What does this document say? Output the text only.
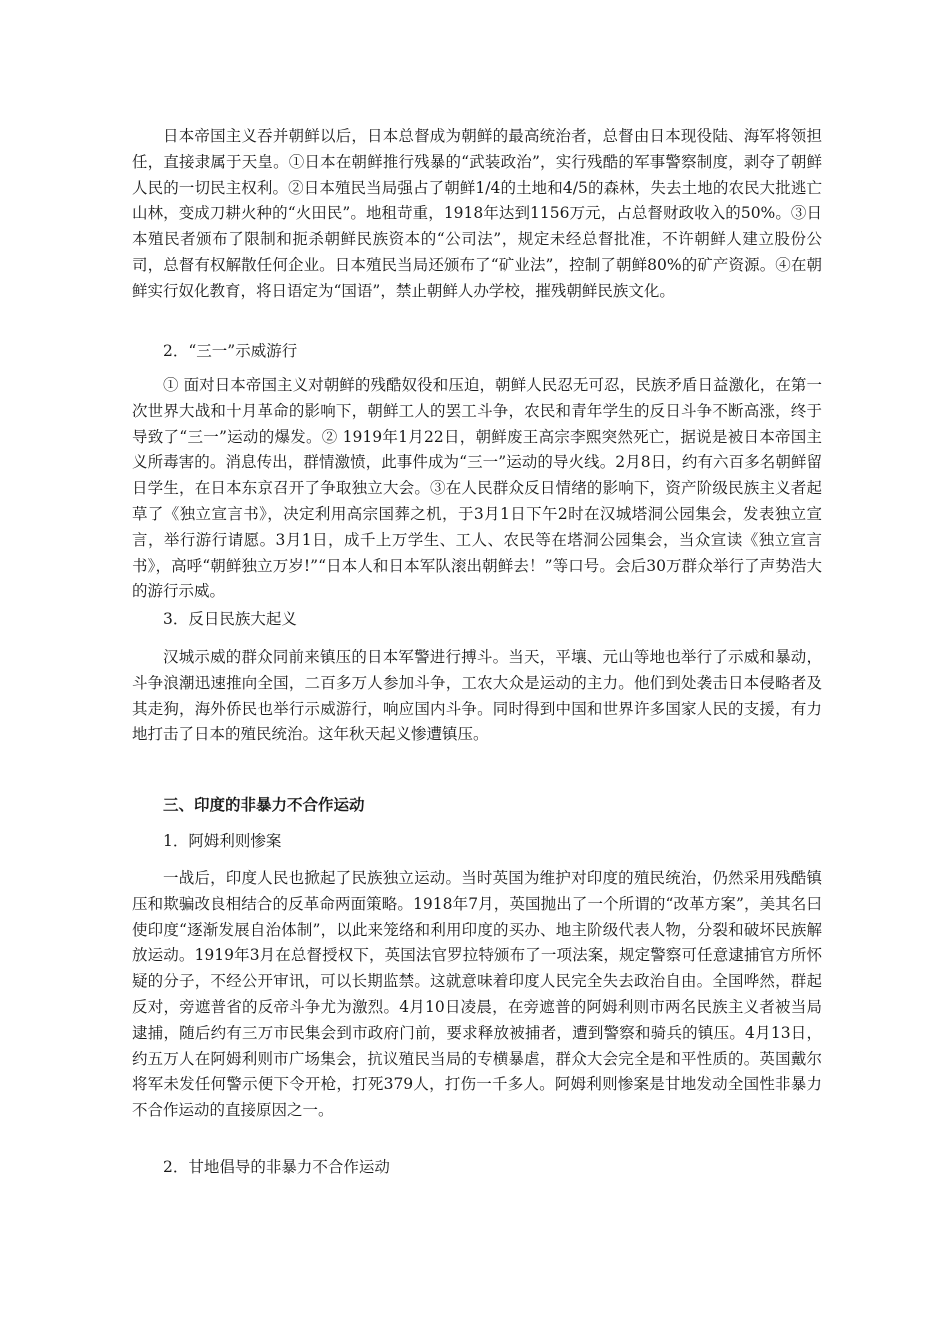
日本帝国主义吞并朝鲜以后，日本总督成为朝鲜的最高统治者，总督由日本现役陆、海军将领担任，直接隶属于天皇。①日本在朝鲜推行残暴的“武装政治”，实行残酷的军事警察制度，剥夺了朝鲜人民的一切民主权利。②日本殖民当局强占了朝鲜1/4的土地和4/5的森林，失去土地的农民大批逃亡山林，变成刀耕火种的“火田民”。地租苛重，1918年达到1156万元，占总督财政收入的50%。③日本殖民者颁布了限制和扼杀朝鲜民族资本的“公司法”，规定未经总督批准，不许朝鲜人建立股份公司，总督有权解散任何企业。日本殖民当局还颁布了“矿业法”，控制了朝鲜80%的矿产资源。④在朝鲜实行奴化教育，将日语定为“国语”，禁止朝鲜人办学校，摧残朝鲜民族文化。

2．“三一”示威游行

① 面对日本帝国主义对朝鲜的残酷奴役和压迫，朝鲜人民忍无可忍，民族矛盾日益激化，在第一次世界大战和十月革命的影响下，朝鲜工人的罢工斗争，农民和青年学生的反日斗争不断高涨，终于导致了“三一”运动的爆发。② 1919年1月22日，朝鲜废王高宗李熙突然死亡，据说是被日本帝国主义所毒害的。消息传出，群情激愤，此事件成为“三一”运动的导火线。2月8日，约有六百多名朝鲜留日学生，在日本东京召开了争取独立大会。③在人民群众反日情绪的影响下，资产阶级民族主义者起草了《独立宣言书》，决定利用高宗国葬之机，于3月1日下午2时在汉城塔洞公园集会，发表独立宣言，举行游行请愿。3月1日，成千上万学生、工人、农民等在塔洞公园集会，当众宣读《独立宣言书》，高呼“朝鲜独立万岁!”“日本人和日本军队滚出朝鲜去！”等口号。会后30万群众举行了声势浩大的游行示威。

3．反日民族大起义

汉城示威的群众同前来镇压的日本军警进行搏斗。当天，平壤、元山等地也举行了示威和暴动，斗争浪潮迅速推向全国，二百多万人参加斗争，工农大众是运动的主力。他们到处袭击日本侵略者及其走狗，海外侨民也举行示威游行，响应国内斗争。同时得到中国和世界许多国家人民的支援，有力地打击了日本的殖民统治。这年秋天起义惨遭镇压。

三、印度的非暴力不合作运动

1．阿姆利则惨案

一战后，印度人民也掀起了民族独立运动。当时英国为维护对印度的殖民统治，仍然采用残酷镇压和欺骗改良相结合的反革命两面策略。1918年7月，英国抛出了一个所谓的“改革方案”，美其名曰使印度“逐渐发展自治体制”，以此来笼络和利用印度的买办、地主阶级代表人物，分裂和破坏民族解放运动。1919年3月在总督授权下，英国法官罗拉特颁布了一项法案，规定警察可任意逮捕官方所怀疑的分子，不经公开审讯，可以长期监禁。这就意味着印度人民完全失去政治自由。全国哗然，群起反对，旁遮普省的反帝斗争尤为激烈。4月10日凌晨，在旁遮普的阿姆利则市两名民族主义者被当局逮捕，随后约有三万市民集会到市政府门前，要求释放被捕者，遭到警察和骑兵的镇压。4月13日，约五万人在阿姆利则市广场集会，抗议殖民当局的专横暴虐，群众大会完全是和平性质的。英国戴尔将军未发任何警示便下令开枪，打死379人，打伤一千多人。阿姆利则惨案是甘地发动全国性非暴力不合作运动的直接原因之一。

2．甘地倡导的非暴力不合作运动
